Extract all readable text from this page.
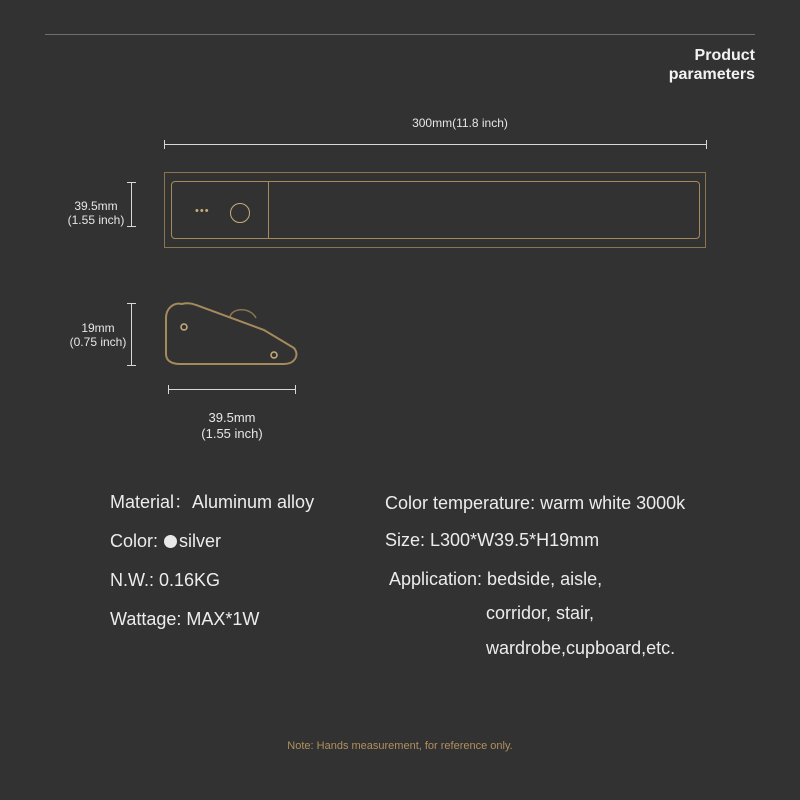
Product
parameters
300mm(11.8 inch)
39.5mm
(1.55 inch)
•••
19mm
(0.75 inch)
39.5mm
(1.55 inch)
Material：Aluminum alloy
Color: silver
N.W.: 0.16KG
Wattage: MAX*1W
Color temperature: warm white 3000k
Size: L300*W39.5*H19mm
Application: bedside, aisle,
corridor, stair,
wardrobe,cupboard,etc.
Note: Hands measurement, for reference only.
